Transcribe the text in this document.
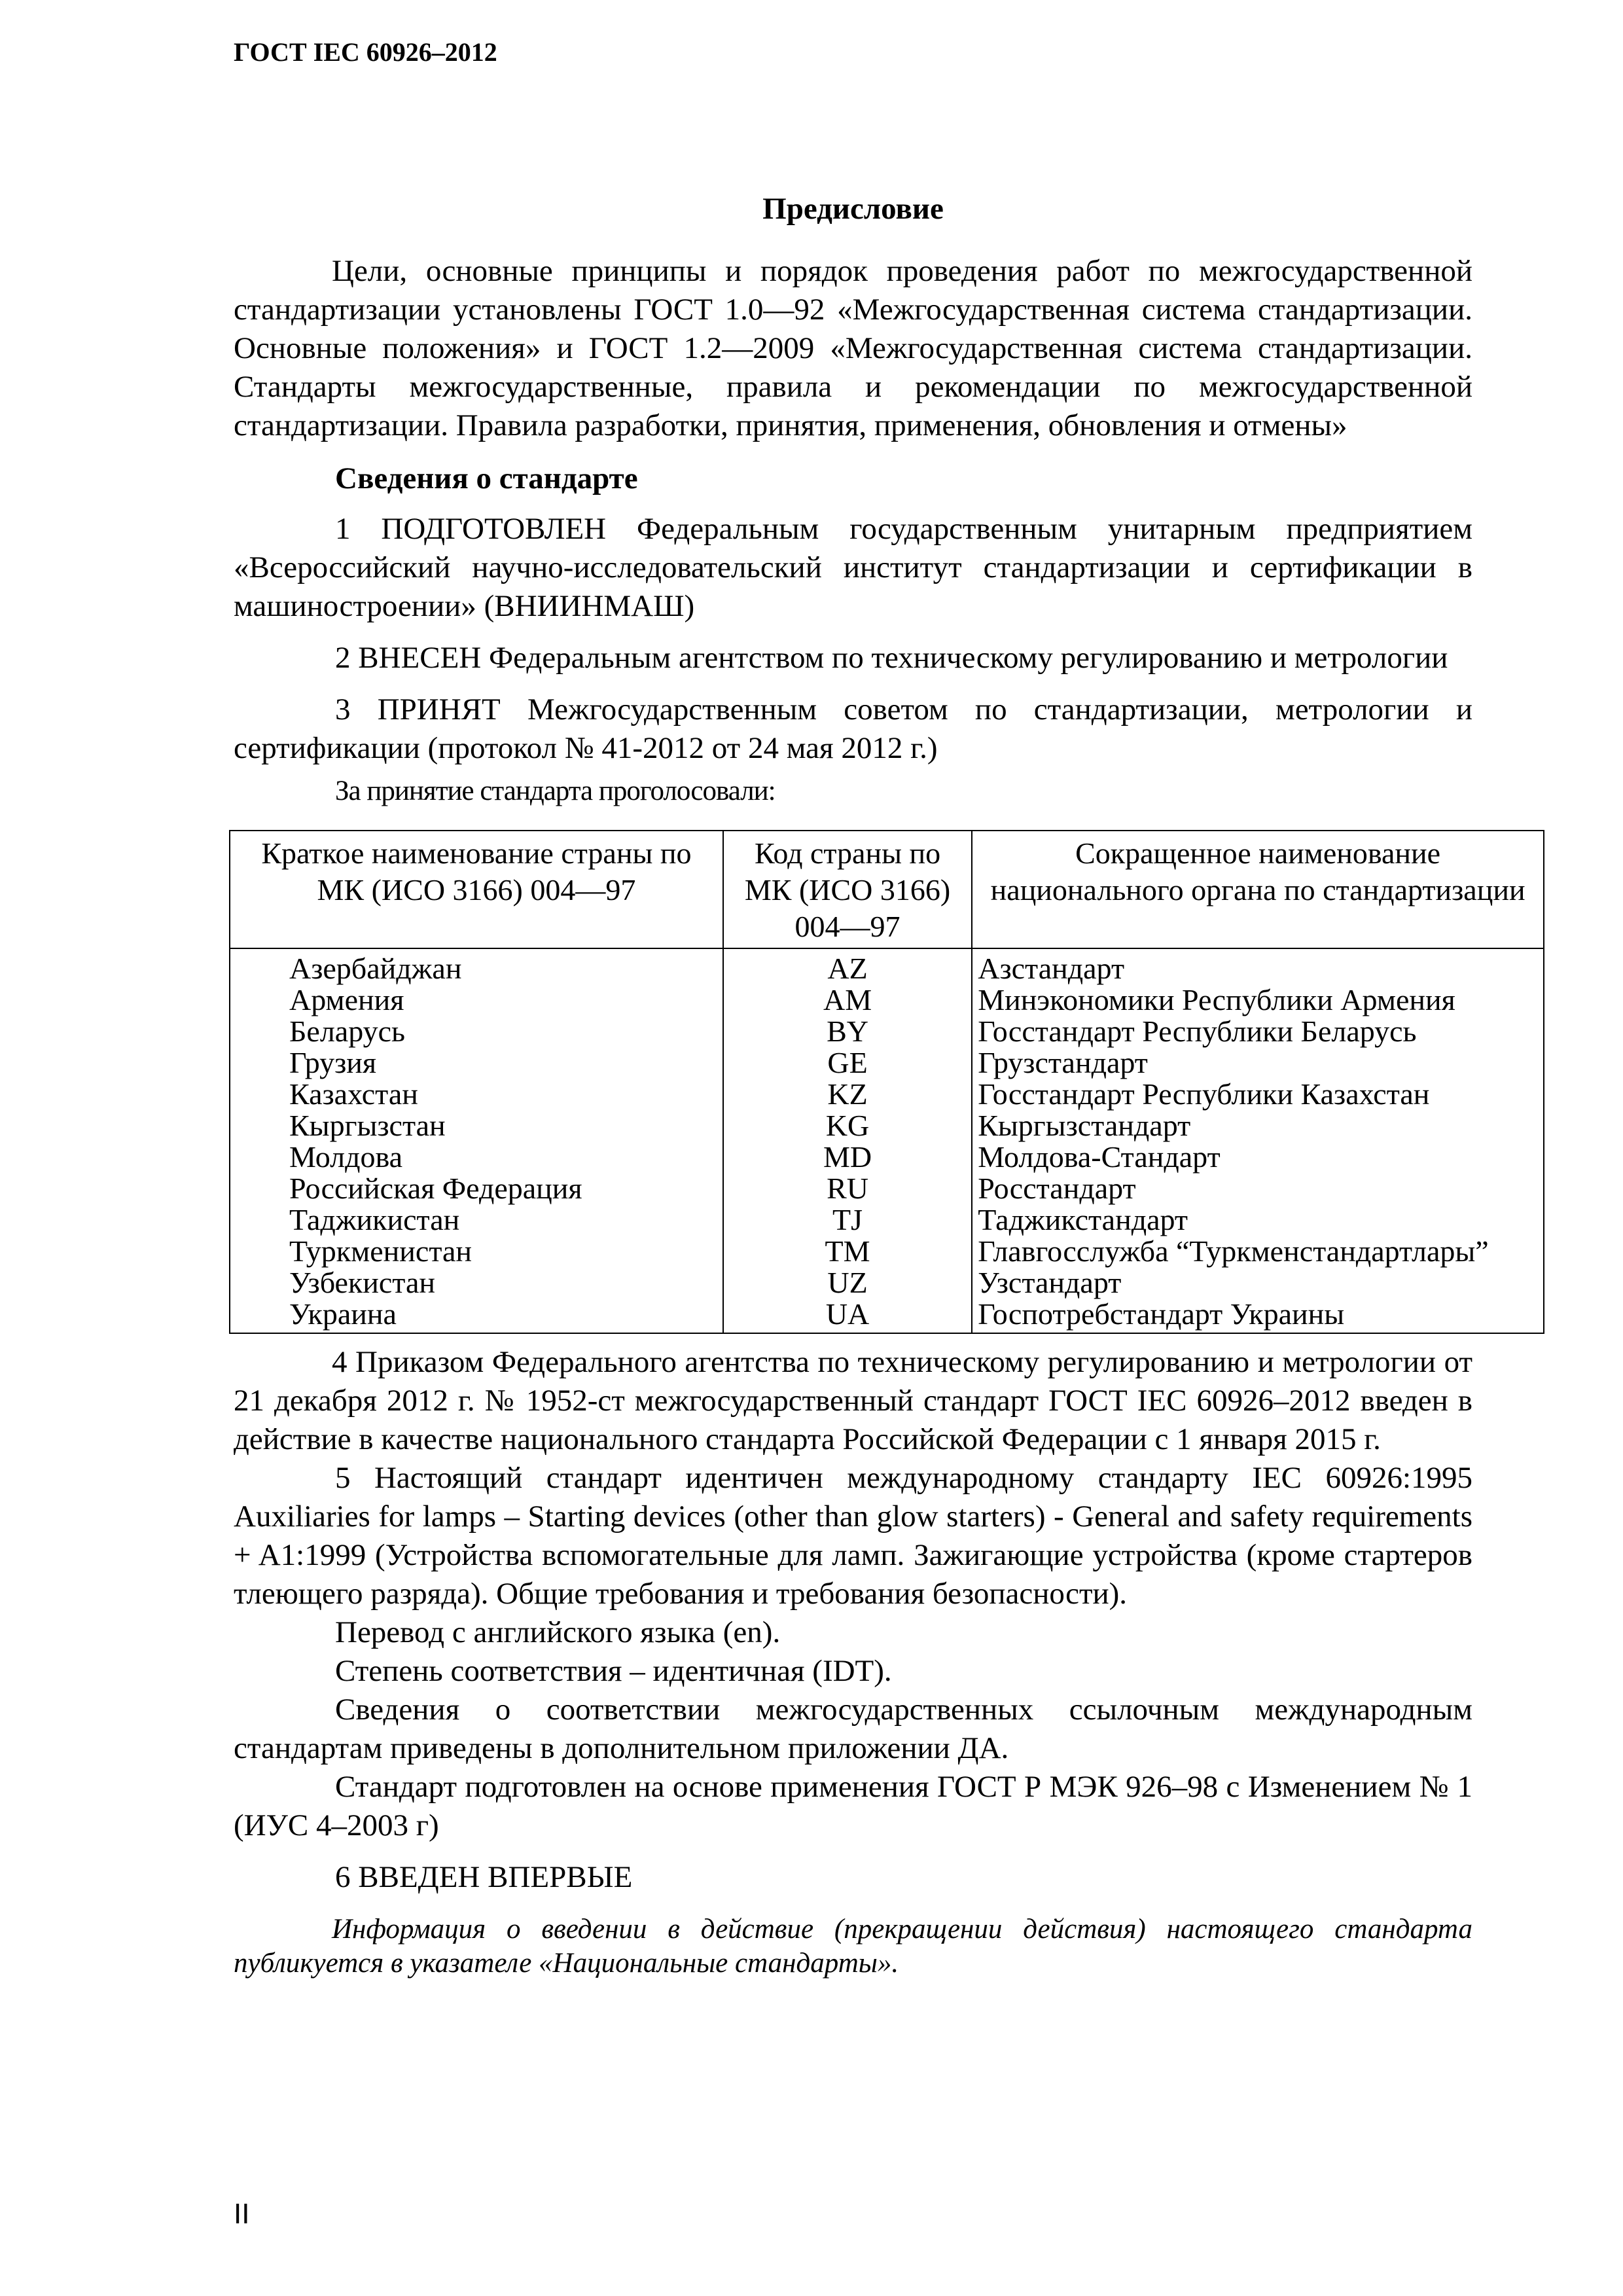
ГОСТ IEC 60926–2012

Предисловие

Цели, основные принципы и порядок проведения работ по межгосударственной стандартизации установлены ГОСТ 1.0—92 «Межгосударственная система стандартизации. Основные положения» и ГОСТ 1.2—2009 «Межгосударственная система стандартизации. Стандарты межгосударственные, правила и рекомендации по межгосударственной стандартизации. Правила разработки, принятия, применения, обновления и отмены»

Сведения о стандарте

1 ПОДГОТОВЛЕН Федеральным государственным унитарным предприятием «Всероссийский научно-исследовательский институт стандартизации и сертификации в машиностроении» (ВНИИНМАШ)

2 ВНЕСЕН Федеральным агентством по техническому регулированию и метрологии

3 ПРИНЯТ Межгосударственным советом по стандартизации, метрологии и сертификации (протокол № 41-2012 от 24 мая 2012 г.)

За принятие стандарта проголосовали:

Краткое наименование страны по МК (ИСО 3166) 004—97	Код страны по МК (ИСО 3166) 004—97	Сокращенное наименование национального органа по стандартизации
Азербайджан	AZ	Азстандарт
Армения	AM	Минэкономики Республики Армения
Беларусь	BY	Госстандарт Республики Беларусь
Грузия	GE	Грузстандарт
Казахстан	KZ	Госстандарт Республики Казахстан
Кыргызстан	KG	Кыргызстандарт
Молдова	MD	Молдова-Стандарт
Российская Федерация	RU	Росстандарт
Таджикистан	TJ	Таджикстандарт
Туркменистан	TM	Главгосслужба “Туркменстандартлары”
Узбекистан	UZ	Узстандарт
Украина	UA	Госпотребстандарт Украины

4 Приказом Федерального агентства по техническому регулированию и метрологии от 21 декабря 2012 г. № 1952-ст межгосударственный стандарт ГОСТ IEC 60926–2012 введен в действие в качестве национального стандарта Российской Федерации с 1 января 2015 г.

5 Настоящий стандарт идентичен международному стандарту IEC 60926:1995 Auxiliaries for lamps – Starting devices (other than glow starters) - General and safety requirements + A1:1999 (Устройства вспомогательные для ламп. Зажигающие устройства (кроме стартеров тлеющего разряда). Общие требования и требования безопасности).

Перевод с английского языка (en).

Степень соответствия – идентичная (IDT).

Сведения о соответствии межгосударственных ссылочным международным стандартам приведены в дополнительном приложении ДА.

Стандарт подготовлен на основе применения ГОСТ Р МЭК 926–98 с Изменением № 1 (ИУС 4–2003 г)

6 ВВЕДЕН ВПЕРВЫЕ

Информация о введении в действие (прекращении действия) настоящего стандарта публикуется в указателе «Национальные стандарты».

II
